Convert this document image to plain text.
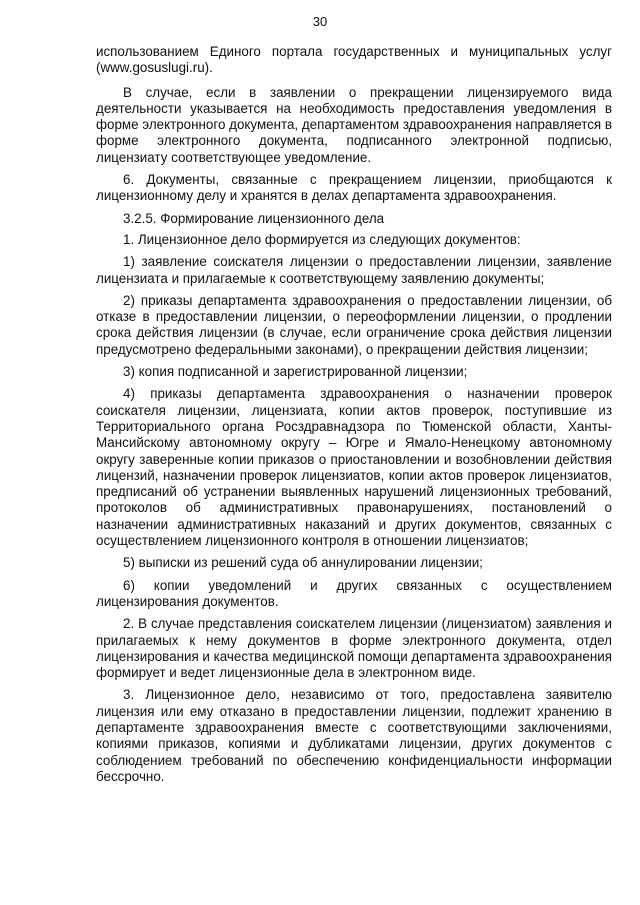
30

использованием Единого портала государственных и муниципальных услуг (www.gosuslugi.ru).

В случае, если в заявлении о прекращении лицензируемого вида деятельности указывается на необходимость предоставления уведомления в форме электронного документа, департаментом здравоохранения направляется в форме электронного документа, подписанного электронной подписью, лицензиату соответствующее уведомление.

6. Документы, связанные с прекращением лицензии, приобщаются к лицензионному делу и хранятся в делах департамента здравоохранения.

3.2.5. Формирование лицензионного дела

1. Лицензионное дело формируется из следующих документов:

1) заявление соискателя лицензии о предоставлении лицензии, заявление лицензиата и прилагаемые к соответствующему заявлению документы;

2) приказы департамента здравоохранения о предоставлении лицензии, об отказе в предоставлении лицензии, о переоформлении лицензии, о продлении срока действия лицензии (в случае, если ограничение срока действия лицензии предусмотрено федеральными законами), о прекращении действия лицензии;

3) копия подписанной и зарегистрированной лицензии;

4) приказы департамента здравоохранения о назначении проверок соискателя лицензии, лицензиата, копии актов проверок, поступившие из Территориального органа Росздравнадзора по Тюменской области, Ханты-Мансийскому автономному округу – Югре и Ямало-Ненецкому автономному округу заверенные копии приказов о приостановлении и возобновлении действия лицензий, назначении проверок лицензиатов, копии актов проверок лицензиатов, предписаний об устранении выявленных нарушений лицензионных требований, протоколов об административных правонарушениях, постановлений о назначении административных наказаний и других документов, связанных с осуществлением лицензионного контроля в отношении лицензиатов;

5) выписки из решений суда об аннулировании лицензии;

6) копии уведомлений и других связанных с осуществлением лицензирования документов.

2. В случае представления соискателем лицензии (лицензиатом) заявления и прилагаемых к нему документов в форме электронного документа, отдел лицензирования и качества медицинской помощи департамента здравоохранения формирует и ведет лицензионные дела в электронном виде.

3. Лицензионное дело, независимо от того, предоставлена заявителю лицензия или ему отказано в предоставлении лицензии, подлежит хранению в департаменте здравоохранения вместе с соответствующими заключениями, копиями приказов, копиями и дубликатами лицензии, других документов с соблюдением требований по обеспечению конфиденциальности информации бессрочно.
